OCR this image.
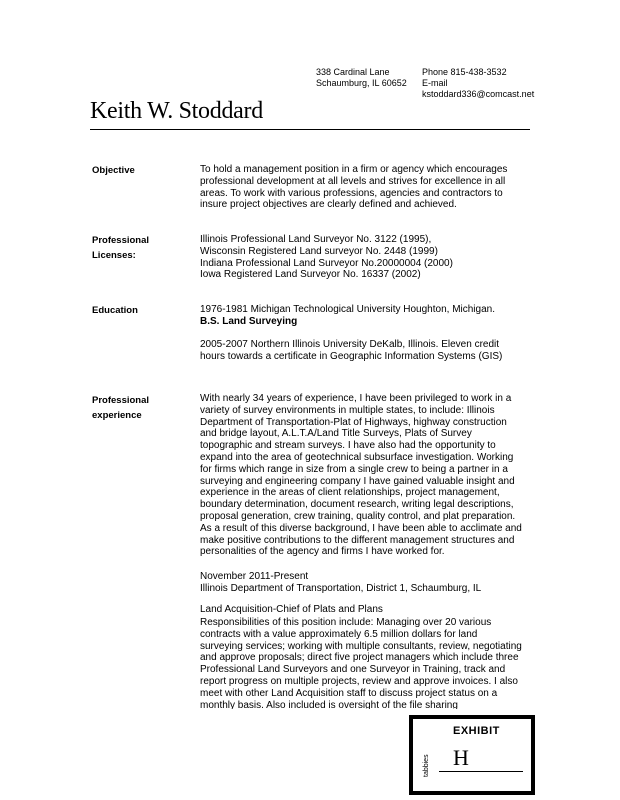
338 Cardinal Lane
Schaumburg, IL 60652
Phone 815-438-3532
E-mail
kstoddard336@comcast.net
Keith W. Stoddard
Objective	To hold a management position in a firm or agency which encourages professional development at all levels and strives for excellence in all areas. To work with various professions, agencies and contractors to insure project objectives are clearly defined and achieved.

Professional
Licenses:
Illinois Professional Land Surveyor No. 3122 (1995),
Wisconsin Registered Land surveyor No. 2448 (1999)
Indiana Professional Land Surveyor No.20000004 (2000)
Iowa Registered Land Surveyor No. 16337 (2002)
Education	1976-1981 Michigan Technological University Houghton, Michigan.
B.S. Land Surveying

2005-2007 Northern Illinois University DeKalb, Illinois. Eleven credit hours towards a certificate in Geographic Information Systems (GIS)

Professional
experience

With nearly 34 years of experience, I have been privileged to work in a variety of survey environments in multiple states, to include: Illinois Department of Transportation-Plat of Highways, highway construction and bridge layout, A.L.T.A/Land Title Surveys, Plats of Survey topographic and stream surveys. I have also had the opportunity to expand into the area of geotechnical subsurface investigation. Working for firms which range in size from a single crew to being a partner in a surveying and engineering company I have gained valuable insight and experience in the areas of client relationships, project management, boundary determination, document research, writing legal descriptions, proposal generation, crew training, quality control, and plat preparation. As a result of this diverse background, I have been able to acclimate and make positive contributions to the different management structures and personalities of the agency and firms I have worked for.

November 2011-Present
Illinois Department of Transportation, District 1, Schaumburg, IL
Land Acquisition-Chief of Plats and Plans

Responsibilities of this position include: Managing over 20 various contracts with a value approximately 6.5 million dollars for land surveying services; working with multiple consultants, review, negotiating and approve proposals; direct five project managers which include three Professional Land Surveyors and one Surveyor in Training, track and report progress on multiple projects, review and approve invoices. I also meet with other Land Acquisition staff to discuss project status on a monthly basis. Also included is oversight of the file sharing

EXHIBIT
tabbies H
